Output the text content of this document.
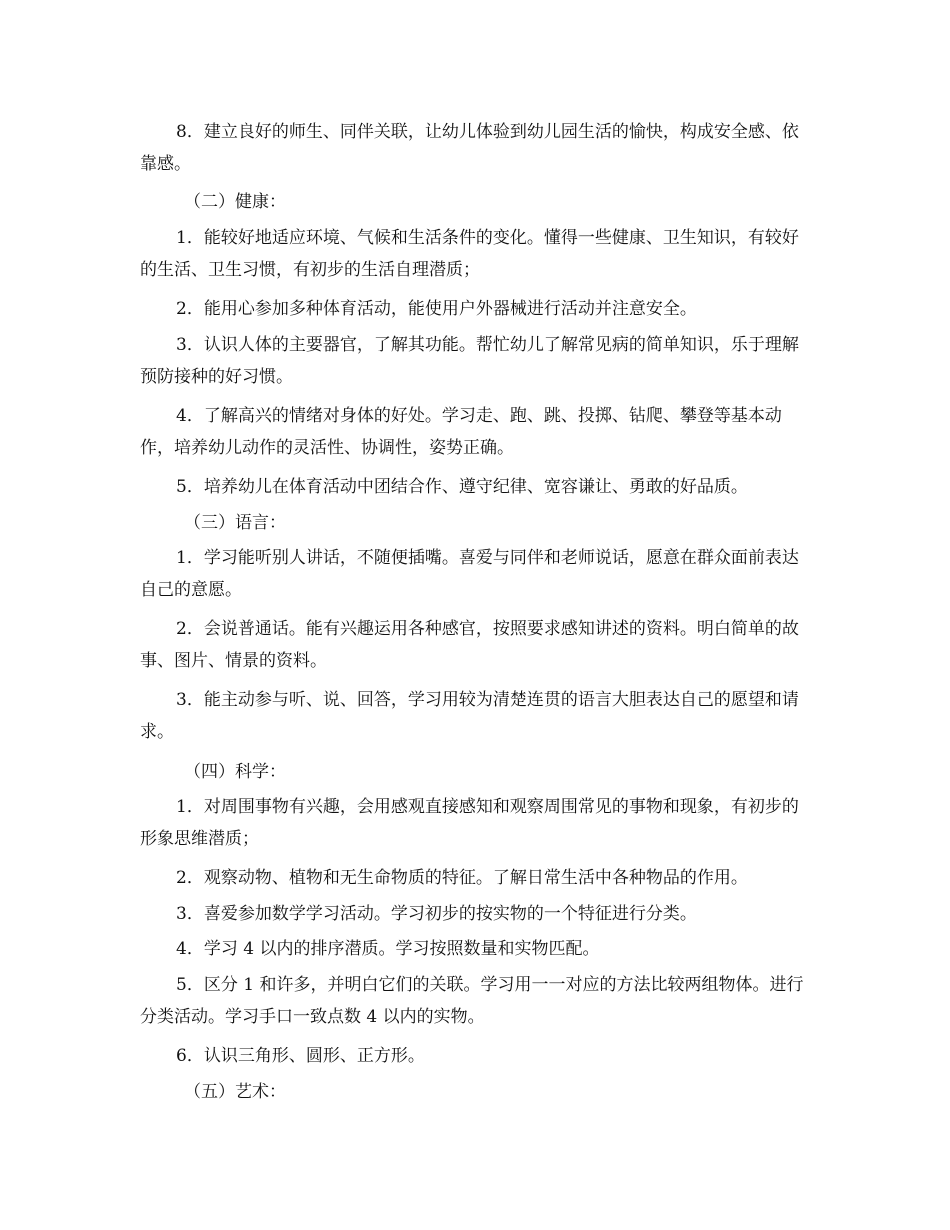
8．建立良好的师生、同伴关联，让幼儿体验到幼儿园生活的愉快，构成安全感、依靠感。

（二）健康：

1．能较好地适应环境、气候和生活条件的变化。懂得一些健康、卫生知识，有较好的生活、卫生习惯，有初步的生活自理潜质；

2．能用心参加多种体育活动，能使用户外器械进行活动并注意安全。

3．认识人体的主要器官，了解其功能。帮忙幼儿了解常见病的简单知识，乐于理解预防接种的好习惯。

4．了解高兴的情绪对身体的好处。学习走、跑、跳、投掷、钻爬、攀登等基本动作，培养幼儿动作的灵活性、协调性，姿势正确。

5．培养幼儿在体育活动中团结合作、遵守纪律、宽容谦让、勇敢的好品质。

（三）语言：

1．学习能听别人讲话，不随便插嘴。喜爱与同伴和老师说话，愿意在群众面前表达自己的意愿。

2．会说普通话。能有兴趣运用各种感官，按照要求感知讲述的资料。明白简单的故事、图片、情景的资料。

3．能主动参与听、说、回答，学习用较为清楚连贯的语言大胆表达自己的愿望和请求。

（四）科学：

1．对周围事物有兴趣，会用感观直接感知和观察周围常见的事物和现象，有初步的形象思维潜质；

2．观察动物、植物和无生命物质的特征。了解日常生活中各种物品的作用。

3．喜爱参加数学学习活动。学习初步的按实物的一个特征进行分类。

4．学习 4 以内的排序潜质。学习按照数量和实物匹配。

5．区分 1 和许多，并明白它们的关联。学习用一一对应的方法比较两组物体。进行分类活动。学习手口一致点数 4 以内的实物。

6．认识三角形、圆形、正方形。

（五）艺术：
